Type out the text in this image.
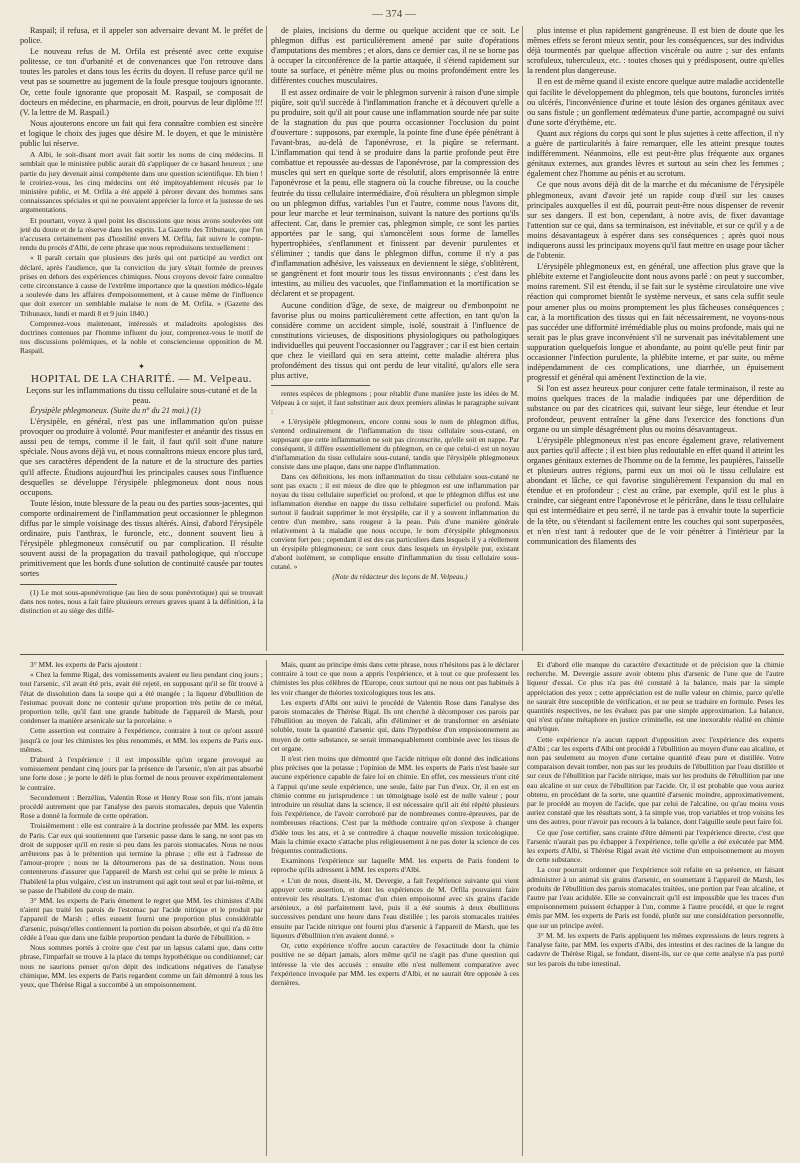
— 374 —

Raspail; il refusa, et il appeler son adversaire devant M. le préfet de police.

Le nouveau refus de M. Orfila est présenté avec cette exquise politesse, ce ton d'urbanité et de convenances que l'on retrouve dans toutes les paroles et dans tous les écrits du doyen. Il refuse parce qu'il ne veut pas se soumettre au jugement de la foule presque toujours ignorante. Or, cette foule ignorante que proposait M. Raspail, se composait de docteurs en médecine, en pharmacie, en droit, pourvus de leur diplôme !!! (V. la lettre de M. Raspail.)

Nous ajouterons encore un fait qui fera connaître combien est sincère et logique le choix des juges que désire M. le doyen, et que le ministère public lui réserve.

A Albi, le soit-disant mort avait fait sortir les noms de cinq médecins. Il semblait que le ministère public aurait dû s'appliquer de ce hasard heureux ; une partie du jury devenait ainsi compétente dans une question scientifique. Eh bien ! le croiriez-vous, les cinq médecins ont été impitoyablement récusés par le ministère public, et M. Orfila a été appelé à pérorer devant des hommes sans connaissances spéciales et qui ne pouvaient apprécier la force et la justesse de ses argumentations.

Et pourtant, voyez à quel point les discussions que nous avons soulevées ont jeté du doute et de la réserve dans les esprits. La Gazette des Tribunaux, que l'on n'accusera certainement pas d'hostilité envers M. Orfila, fait suivre le compte-rendu du procès d'Albi, de cette phrase que nous reproduisons textuellement :

« Il paraît certain que plusieurs des jurés qui ont participé au verdict ont déclaré, après l'audience, que la conviction du jury s'était formée de preuves prises en dehors des expériences chimiques. Nous croyons devoir faire connaître cette circonstance à cause de l'extrême importance que la question médico-légale a soulevée dans les affaires d'empoisonnement, et à cause même de l'influence que doit exercer un semblable malaise le nom de M. Orfila. » (Gazette des Tribunaux, lundi et mardi 8 et 9 juin 1840.)

Comprenez-vous maintenant, intéressés et maladroits apologistes des doctrines contenues par l'homme influent du jour, comprenez-vous le motif de nos discussions polémiques, et la noble et consciencieuse opposition de M. Raspail.

✦

HOPITAL DE LA CHARITÉ. — M. Velpeau.

Leçons sur les inflammations du tissu cellulaire sous-cutané et de la peau.

Érysipèle phlegmoneux. (Suite du n° du 21 mai.) (1)

L'érysipèle, en général, n'est pas une inflammation qu'on puisse provoquer ou produire à volonté. Pour manifester et anéantir des tissus en aussi peu de temps, comme il le fait, il faut qu'il soit d'une nature spéciale. Nous avons déjà vu, et nous connaîtrons mieux encore plus tard, que ses caractères dépendent de la nature et de la structure des parties qu'il affecte. Étudions aujourd'hui les principales causes sous l'influence desquelles se développe l'érysipèle phlegmoneux dont nous nous occupons.

Toute lésion, toute blessure de la peau ou des parties sous-jacentes, qui comporte ordinairement de l'inflammation peut occasionner le phlegmon diffus par le simple voisinage des tissus altérés. Ainsi, d'abord l'érysipèle ordinaire, puis l'anthrax, le furoncle, etc., donnent souvent lieu à l'érysipèle phlegmoneux consécutif ou par complication. Il résulte souvent aussi de la propagation du travail pathologique, qui n'occupe primitivement que les bords d'une solution de continuité causée par toutes sortes

(1) Le mot sous-aponévrotique (au lieu de sous ponévrotique) qui se trouvait dans nos notes, nous a fait faire plusieurs erreurs graves quant à la définition, à la distinction et au siège des diffé-

de plaies, incisions du derme ou quelque accident que ce soit. Le phlegmon diffus est particulièrement amené par suite d'opérations d'amputations des membres ; et alors, dans ce dernier cas, il ne se borne pas à occuper la circonférence de la partie attaquée, il s'étend rapidement sur toute sa surface, et pénètre même plus ou moins profondément entre les différentes couches musculaires.

Il est assez ordinaire de voir le phlegmon survenir à raison d'une simple piqûre, soit qu'il succède à l'inflammation franche et à découvert qu'elle a pu produire, soit qu'il ait pour cause une inflammation sourde née par suite de la stagnation du pus que pourra occasionner l'occlusion du point d'ouverture : supposons, par exemple, la pointe fine d'une épée pénétrant à l'avant-bras, au-delà de l'aponévrose, et la piqûre se refermant. L'inflammation qui tend à se produire dans la partie profonde peut être combattue et repoussée au-dessus de l'aponévrose, par la compression des muscles qui sert en quelque sorte de résolutif, alors emprisonnée là entre l'aponévrose et la peau, elle stagnera où la couche fibreuse, ou la couche feutrée du tissu cellulaire intermédiaire, d'où résultera un phlegmon simple ou un phlegmon diffus, variables l'un et l'autre, comme nous l'avons dit, pour leur marche et leur terminaison, suivant la nature des portions qu'ils affectent. Car, dans le premier cas, phlegmon simple, ce sont les parties apportées par le sang, qui s'amoncèlent sous forme de lamelles hypertrophiées, s'enflamment et finissent par devenir purulentes et s'éliminer ; tandis que dans le phlegmon diffus, comme il n'y a pas d'inflammation adhésive, les vaisseaux en deviennent le siège, s'oblitèrent, se gangrènent et font mourir tous les tissus environnants ; c'est dans les intestins, au milieu des vacuoles, que l'inflammation et la mortification se déclarent et se propagent.

Aucune condition d'âge, de sexe, de maigreur ou d'embonpoint ne favorise plus ou moins particulièrement cette affection, en tant qu'on la considère comme un accident simple, isolé, soustrait à l'influence de constitutions vicieuses, de dispositions physiologiques ou pathologiques individuelles qui peuvent l'occasionner ou l'aggraver ; car il est bien certain que chez le vieillard qui en sera atteint, cette maladie altérera plus profondément des tissus qui ont perdu de leur vitalité, qu'alors elle sera plus active,

rentes espèces de phlegmons ; pour rétablir d'une manière juste les idées de M. Velpeau à ce sujet, il faut substituer aux deux premiers alinéas le paragraphe suivant :

« L'érysipèle phlegmoneux, encore connu sous le nom de phlegmon diffus, s'entend ordinairement de l'inflammation du tissu cellulaire sous-cutané, en supposant que cette inflammation ne soit pas circonscrite, qu'elle soit en nappe. Par conséquent, il diffère essentiellement du phlegmon, en ce que celui-ci est un noyau d'inflammation du tissu cellulaire sous-cutané, tandis que l'érysipèle phlegmoneux consiste dans une plaque, dans une nappe d'inflammation.

Dans ces définitions, les mots inflammation du tissu cellulaire sous-cutané ne sont pas exacts ; il est mieux de dire que le phlegmon est une inflammation par noyau du tissu cellulaire superficiel ou profond, et que le phlegmon diffus est une inflammation étendue en nappe du tissu cellulaire superficiel ou profond. Mais surtout il faudrait supprimer le mot érysipèle, car il y a souvent inflammation du centre d'un membre, sans rougeur à la peau. Puis d'une manière générale relativement à la maladie que nous occupe, le nom d'érysipèle phlegmoneux convient fort peu ; cependant il est des cas particuliers dans lesquels il y a réellement un érysipèle phlegmoneux; ce sont ceux dans lesquels un érysipèle pur, existant d'abord isolément, se complique ensuite d'inflammation du tissu cellulaire sous-cutané. »

(Note du rédacteur des leçons de M. Velpeau.)

plus intense et plus rapidement gangréneuse. Il est bien de doute que les mêmes effets se feront mieux sentir, pour les conséquences, sur des individus déjà tourmentés par quelque affection viscérale ou autre ; sur des enfants scrofuleux, tuberculeux, etc. : toutes choses qui y prédisposent, outre qu'elles la rendent plus dangereuse.

Il en est de même quand il existe encore quelque autre maladie accidentelle qui facilite le développement du phlegmon, tels que boutons, furoncles irrités ou ulcérés, l'inconvénience d'urine et toute lésion des organes génitaux avec ou sans fistule ; un gonflement œdémateux d'une partie, accompagné ou suivi d'une sorte d'érythème, etc.

Quant aux régions du corps qui sont le plus sujettes à cette affection, il n'y a guère de particularités à faire remarquer, elle les atteint presque toutes indifféremment. Néanmoins, elle est peut-être plus fréquente aux organes génitaux externes, aux grandes lèvres et surtout au sein chez les femmes ; également chez l'homme au pénis et au scrotum.

Ce que nous avons déjà dit de la marche et du mécanisme de l'érysipèle phlegmoneux, avant d'avoir jeté un rapide coup d'œil sur les causes principales auxquelles il est dû, pourrait peut-être nous dispenser de revenir sur ses dangers. Il est bon, cependant, à notre avis, de fixer davantage l'attention sur ce qui, dans sa terminaison, est inévitable, et sur ce qu'il y a de moins désavantageux à espérer dans ses conséquences ; après quoi nous indiquerons aussi les principaux moyens qu'il faut mettre en usage pour tâcher de l'obtenir.

L'érysipèle phlegmoneux est, en général, une affection plus grave que la phlébite externe et l'angioleucite dont nous avons parlé : on peut y succomber, moins rarement. S'il est étendu, il se fait sur le système circulatoire une vive réaction qui compromet bientôt le système nerveux, et sans cela suffit seule pour amener plus ou moins promptement les plus fâcheuses conséquences ; car, à la mortification des tissus qui en fait nécessairement, ne voyons-nous pas succéder une difformité irrémédiable plus ou moins profonde, mais qui ne serait pas le plus grave inconvénient s'il ne survenait pas inévitablement une suppuration quelquefois longue et abondante, au point qu'elle peut finir par occasionner l'infection purulente, la phlébite interne, et par suite, ou même indépendamment de ces complications, une diarrhée, un épuisement progressif et général qui amènent l'extinction de la vie.

Si l'on est assez heureux pour conjurer cette fatale terminaison, il reste au moins quelques traces de la maladie indiquées par une déperdition de substance ou par des cicatrices qui, suivant leur siège, leur étendue et leur profondeur, peuvent entraîner la gêne dans l'exercice des fonctions d'un organe ou un simple désagrément plus ou moins désavantageux.

L'érysipèle phlegmoneux n'est pas encore également grave, relativement aux parties qu'il affecte ; il est bien plus redoutable en effet quand il atteint les organes génitaux externes de l'homme ou de la femme, les paupières, l'aisselle et plusieurs autres régions, parmi eux un moi où le tissu cellulaire est abondant et lâche, ce qui favorise singulièrement l'expansion du mal en étendue et en profondeur ; c'est au crâne, par exemple, qu'il est le plus à craindre, car siégeant entre l'aponévrose et le péricrâne, dans le tissu cellulaire qui est intermédiaire et peu serré, il ne tarde pas à envahir toute la superficie de la tête, ou s'étendant si facilement entre les couches qui sont superposées, et n'en n'est tant à redouter que de le voir pénétrer à l'intérieur par la communication des filaments des

3° MM. les experts de Paris ajoutent :

« Chez la femme Rigal, des vomissements avaient eu lieu pendant cinq jours ; tout l'arsenic, s'il avait été pris, avait été rejeté, en supposant qu'il se fût trouvé à l'état de dissolution dans la soupe qui a été mangée ; la liqueur d'ébullition de l'estomac pouvait donc ne contenir qu'une proportion très petite de ce métal, proportion telle, qu'il faut une grande habitude de l'appareil de Marsh, pour condenser la manière arsenicale sur la porcelaine. »

Cette assertion est contraire à l'expérience, contraire à tout ce qu'ont assuré jusqu'à ce jour les chimistes les plus renommés, et MM. les experts de Paris eux-mêmes.

D'abord à l'expérience : il est impossible qu'un organe provoqué au vomissement pendant cinq jours par la présence de l'arsenic, n'en ait pas absorbé une forte dose ; je porte le défi le plus formel de nous prouver expérimentalement le contraire.

Secondement : Berzélius, Valentin Rose et Henry Rose son fils, n'ont jamais procédé autrement que par l'analyse des parois stomacales, depuis que Valentin Rose a donné la formule de cette opération.

Troisièmement : elle est contraire à la doctrine professée par MM. les experts de Paris. Car eux qui soutiennent que l'arsenic passe dans le sang, ne sont pas en droit de supposer qu'il en reste si peu dans les parois stomacales. Nous ne nous arrêterons pas à le prétention qui termine la phrase ; elle est à l'adresse de l'amour-propre ; nous ne la détournerons pas de sa destination. Nous nous contenterons d'assurer que l'appareil de Marsh est celui qui se prête le mieux à l'habileté la plus vulgaire, c'est un instrument qui agit tout seul et par lui-même, et se passe de l'habileté du coup de main.

3° MM. les experts de Paris émettent le regret que MM. les chimistes d'Albi n'aient pas traité les parois de l'estomac par l'acide nitrique et le produit par l'appareil de Marsh ; elles eussent fourni une proportion plus considérable d'arsenic, puisqu'elles contiennent la portion du poison absorbée, et qui n'a dû être cédée à l'eau que dans une faible proportion pendant la durée de l'ébullition. »

Nous sommes portés à croire que c'est par un lapsus calami que, dans cette phrase, l'imparfait se trouve à la place du temps hypothétique ou conditionnel; car nous ne saurions penser qu'on dépit des indications négatives de l'analyse chimique, MM. les experts de Paris regardent comme un fait démontré à tous les yeux, que Thérèse Rigal a succombé à un empoisonnement.

Mais, quant au principe émis dans cette phrase, nous n'hésitons pas à le déclarer contraire à tout ce que nous a appris l'expérience, et à tout ce que professent les chimistes les plus célèbres de l'Europe, ceux surtout qui ne nous ont pas habitués à les voir changer de théories toxicologiques tous les ans.

Les experts d'Albi ont suivi le procédé de Valentin Rose dans l'analyse des parois stomacales de Thérèse Rigal. Ils ont cherché à décomposer ces parois par l'ébullition au moyen de l'alcali, afin d'éliminer et de transformer en arséniate soluble, toute la quantité d'arsenic qui, dans l'hypothèse d'un empoisonnement au moyen de cette substance, se serait immanquablement combinée avec les tissus de cet organe.

Il n'est rien moins que démontré que l'acide nitrique eût donné des indications plus précises que la potasse ; l'opinion de MM. les experts de Paris n'est basée sur aucune expérience capable de faire loi en chimie. En effet, ces messieurs n'ont cité à l'appui qu'une seule expérience, une seule, faite par l'un d'eux. Or, il en est en chimie comme en jurisprudence : un témoignage isolé est de nulle valeur ; pour introduire un résultat dans la science, il est nécessaire qu'il ait été répété plusieurs fois l'expérience, de l'avoir corroboré par de nombreuses contre-épreuves, par de nombreuses réactions. C'est par la méthode contraire qu'on s'expose à changer d'idée tous les ans, et à se contredire à chaque nouvelle mission toxicologique. Mais la chimie exacte s'attache plus religieusement à ne pas doter la science de ces fréquentes contradictions.

Examinons l'expérience sur laquelle MM. les experts de Paris fondent le reproche qu'ils adressent à MM. les experts d'Albi.

« L'un de nous, disent-ils, M. Devergie, a fait l'expérience suivante qui vient appuyer cette assertion, et dont les expériences de M. Orfila pouvaient faire entrevoir les résultats. L'estomac d'un chien empoisonné avec six grains d'acide arsénieux, a été parfaitement lavé, puis il a été soumis à deux ébullitions successives pendant une heure dans l'eau distillée ; les parois stomacales traitées ensuite par l'acide nitrique ont fourni plus d'arsenic à l'appareil de Marsh, que les liqueurs d'ébullition n'en avaient donné. »

Or, cette expérience n'offre aucun caractère de l'exactitude dont la chimie positive ne se départ jamais, alors même qu'il ne s'agit pas d'une question qui intéresse la vie des accusés : ensuite elle n'est nullement comparative avec l'expérience invoquée par MM. les experts d'Albi, et ne saurait être opposée à ces dernières.

Et d'abord elle manque du caractère d'exactitude et de précision que la chimie recherche. M. Devergie assure avoir obtenu plus d'arsenic de l'une que de l'autre liqueur d'essai. Ce plus n'a pas été constaté à la balance, mais par la simple appréciation des yeux ; cette appréciation est de nulle valeur en chimie, parce qu'elle ne saurait être susceptible de vérification, et ne peut se traduire en formule. Peses les quantités respectives, ne les évaluez pas par une simple approximation. La balance, qui n'est qu'une métaphore en justice criminelle, est une inexorable réalité en chimie analytique.

Cette expérience n'a aucun rapport d'opposition avec l'expérience des experts d'Albi ; car les experts d'Albi ont procédé à l'ébullition au moyen d'une eau alcaline, et non pas seulement au moyen d'une certaine quantité d'eau pure et distillée. Votre comparaison devait tomber, non pas sur les produits de l'ébullition par l'eau distillée et sur ceux de l'ébullition par l'acide nitrique, mais sur les produits de l'ébullition par une eau alcaline et sur ceux de l'ébullition par l'acide. Or, il est probable que vous auriez obtenu, en procédant de la sorte, une quantité d'arsenic moindre, approximativement, par le procédé au moyen de l'acide, que par celui de l'alcaline, ou qu'au moins vous auriez constaté que les résultats sont, à la simple vue, trop variables et trop voisins les uns des autres, pour n'avoir pas recours à la balance, dont l'aiguille seule peut faire foi.

Ce que j'ose certifier, sans crainte d'être démenti par l'expérience directe, c'est que l'arsenic n'aurait pas pu échapper à l'expérience, telle qu'elle a été exécutée par MM. les experts d'Albi, si Thérèse Rigal avait été victime d'un empoisonnement au moyen de cette substance.

La cour pourrait ordonner que l'expérience soit refaite en sa présence, en faisant administrer à un animal six grains d'arsenic, en soumettant à l'appareil de Marsh, les produits de l'ébullition des parois stomacales traitées, une portion par l'eau alcaline, et l'autre par l'eau acidulée. Elle se convaincrait qu'il est impossible que les traces d'un empoisonnement puissent échapper à l'un, comme à l'autre procédé, et que le regret émis par MM. les experts de Paris est fondé, plutôt sur une considération personnelle, que sur un principe avéré.

3° M. M. les experts de Paris appliquent les mêmes expressions de leurs regrets à l'analyse faite, par MM. les experts d'Albi, des intestins et des racines de la langue du cadavre de Thérèse Rigal, se fondant, disent-ils, sur ce que cette analyse n'a pas porté sur les parois du tube intestinal.
